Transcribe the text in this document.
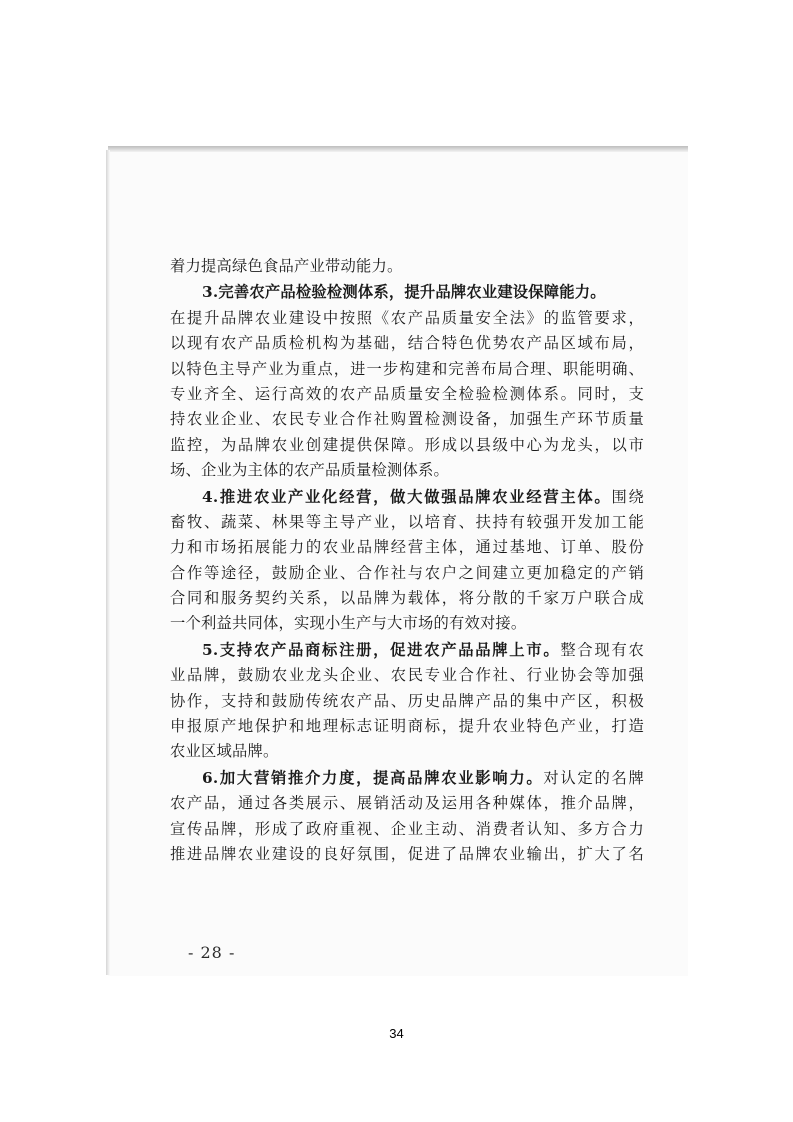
着力提高绿色食品产业带动能力。
3.完善农产品检验检测体系，提升品牌农业建设保障能力。
在提升品牌农业建设中按照《农产品质量安全法》的监管要求，
以现有农产品质检机构为基础，结合特色优势农产品区域布局，
以特色主导产业为重点，进一步构建和完善布局合理、职能明确、
专业齐全、运行高效的农产品质量安全检验检测体系。同时，支
持农业企业、农民专业合作社购置检测设备，加强生产环节质量
监控，为品牌农业创建提供保障。形成以县级中心为龙头，以市
场、企业为主体的农产品质量检测体系。
4.推进农业产业化经营，做大做强品牌农业经营主体。围绕
畜牧、蔬菜、林果等主导产业，以培育、扶持有较强开发加工能
力和市场拓展能力的农业品牌经营主体，通过基地、订单、股份
合作等途径，鼓励企业、合作社与农户之间建立更加稳定的产销
合同和服务契约关系，以品牌为载体，将分散的千家万户联合成
一个利益共同体，实现小生产与大市场的有效对接。
5.支持农产品商标注册，促进农产品品牌上市。整合现有农
业品牌，鼓励农业龙头企业、农民专业合作社、行业协会等加强
协作，支持和鼓励传统农产品、历史品牌产品的集中产区，积极
申报原产地保护和地理标志证明商标，提升农业特色产业，打造
农业区域品牌。
6.加大营销推介力度，提高品牌农业影响力。对认定的名牌
农产品，通过各类展示、展销活动及运用各种媒体，推介品牌，
宣传品牌，形成了政府重视、企业主动、消费者认知、多方合力
推进品牌农业建设的良好氛围，促进了品牌农业输出，扩大了名
- 28 -
34
